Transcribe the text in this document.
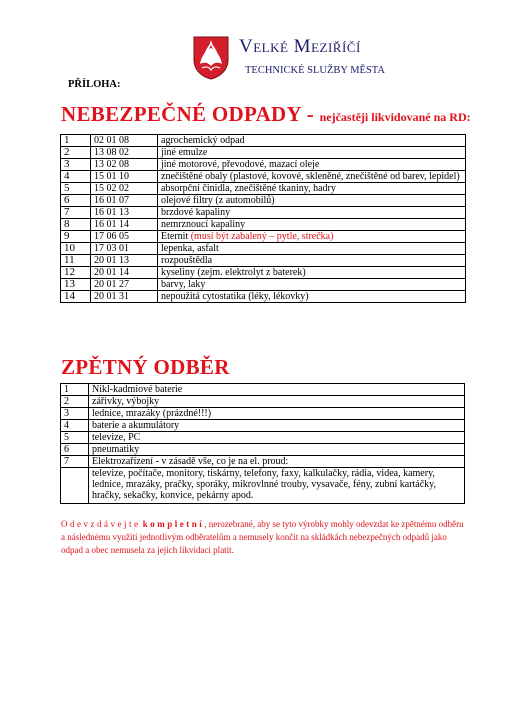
Velké Meziříčí
TECHNICKÉ SLUŽBY MĚSTA
PŘÍLOHA:
NEBEZPEČNÉ ODPADY - nejčastěji likvidované na RD:
1	02 01 08	agrochemický odpad
2	13 08 02	jiné emulze
3	13 02 08	jiné motorové, převodové, mazací oleje
4	15 01 10	znečištěné obaly (plastové, kovové, skleněné, znečištěné od barev, lepidel)
5	15 02 02	absorpční činidla, znečištěné tkaniny, hadry
6	16 01 07	olejové filtry (z automobilů)
7	16 01 13	brzdové kapaliny
8	16 01 14	nemrznoucí kapaliny
9	17 06 05	Eternit (musí být zabalený – pytle, strečka)
10	17 03 01	lepenka, asfalt
11	20 01 13	rozpouštědla
12	20 01 14	kyseliny (zejm. elektrolyt z baterek)
13	20 01 27	barvy, laky
14	20 01 31	nepoužitá cytostatika (léky, lékovky)
ZPĚTNÝ ODBĚR
1	Nikl-kadmiové baterie
2	zářivky, výbojky
3	lednice, mrazáky (prázdné!!!)
4	baterie a akumulátory
5	televize, PC
6	pneumatiky
7	Elektrozařízení - v zásadě vše, co je na el. proud:
	televize, počítače, monitory, tiskárny, telefony, faxy, kalkulačky, rádia, videa, kamery, lednice, mrazáky, pračky, sporáky, mikrovlnné trouby, vysavače, fény, zubní kartáčky, hračky, sekačky, konvice, pekárny apod.
Odevzdávejte kompletní, nerozebrané, aby se tyto výrobky mohly odevzdat ke zpětnému odběru a následnému využití jednotlivým odběratelům a nemusely končit na skládkách nebezpečných odpadů jako odpad a obec nemusela za jejich likvidaci platit.
